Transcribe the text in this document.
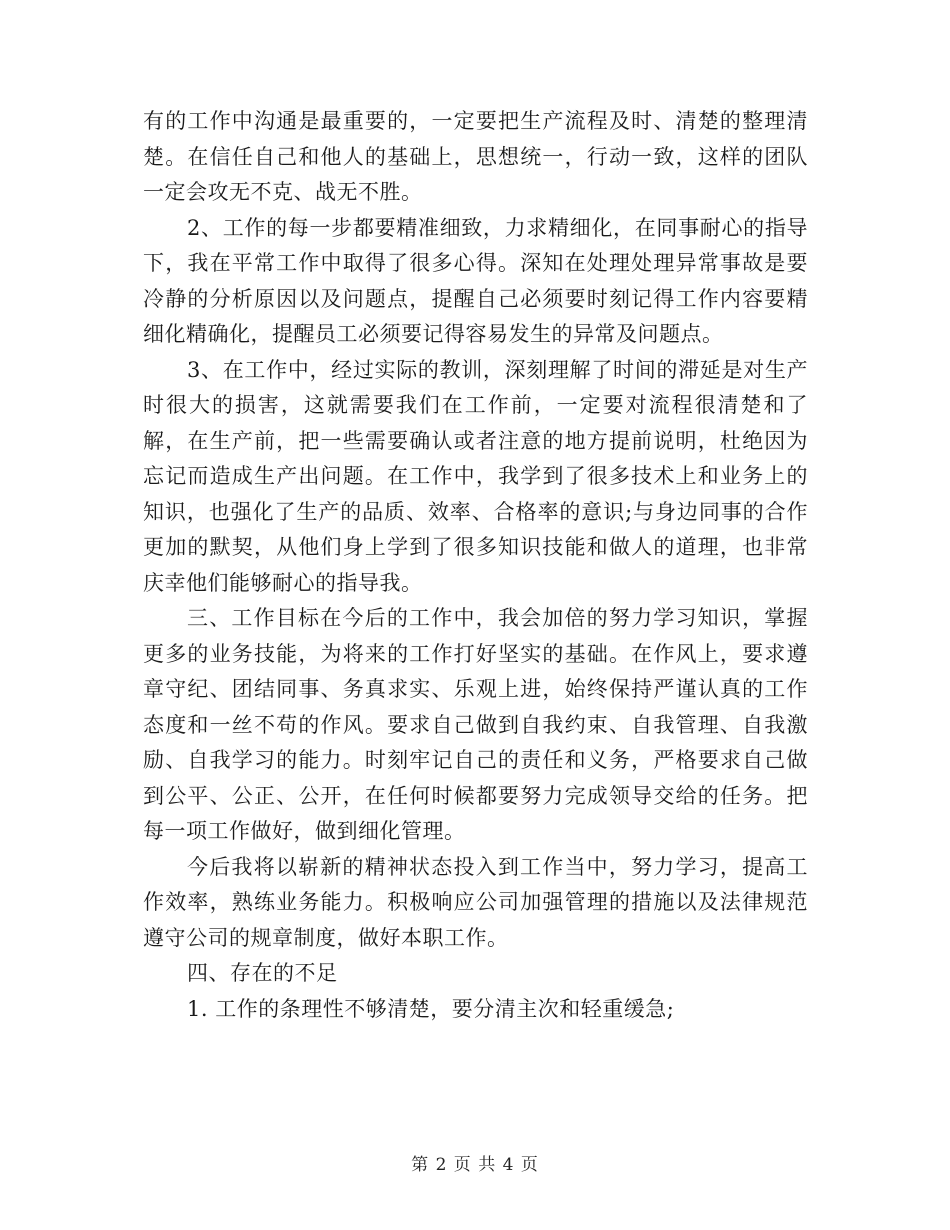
有的工作中沟通是最重要的，一定要把生产流程及时、清楚的整理清楚。在信任自己和他人的基础上，思想统一，行动一致，这样的团队一定会攻无不克、战无不胜。

2、工作的每一步都要精准细致，力求精细化，在同事耐心的指导下，我在平常工作中取得了很多心得。深知在处理处理异常事故是要冷静的分析原因以及问题点，提醒自己必须要时刻记得工作内容要精细化精确化，提醒员工必须要记得容易发生的异常及问题点。

3、在工作中，经过实际的教训，深刻理解了时间的滞延是对生产时很大的损害，这就需要我们在工作前，一定要对流程很清楚和了解，在生产前，把一些需要确认或者注意的地方提前说明，杜绝因为忘记而造成生产出问题。在工作中，我学到了很多技术上和业务上的知识，也强化了生产的品质、效率、合格率的意识;与身边同事的合作更加的默契，从他们身上学到了很多知识技能和做人的道理，也非常庆幸他们能够耐心的指导我。

三、工作目标在今后的工作中，我会加倍的努力学习知识，掌握更多的业务技能，为将来的工作打好坚实的基础。在作风上，要求遵章守纪、团结同事、务真求实、乐观上进，始终保持严谨认真的工作态度和一丝不苟的作风。要求自己做到自我约束、自我管理、自我激励、自我学习的能力。时刻牢记自己的责任和义务，严格要求自己做到公平、公正、公开，在任何时候都要努力完成领导交给的任务。把每一项工作做好，做到细化管理。

今后我将以崭新的精神状态投入到工作当中，努力学习，提高工作效率，熟练业务能力。积极响应公司加强管理的措施以及法律规范遵守公司的规章制度，做好本职工作。

四、存在的不足

1. 工作的条理性不够清楚，要分清主次和轻重缓急;

第 2 页 共 4 页
